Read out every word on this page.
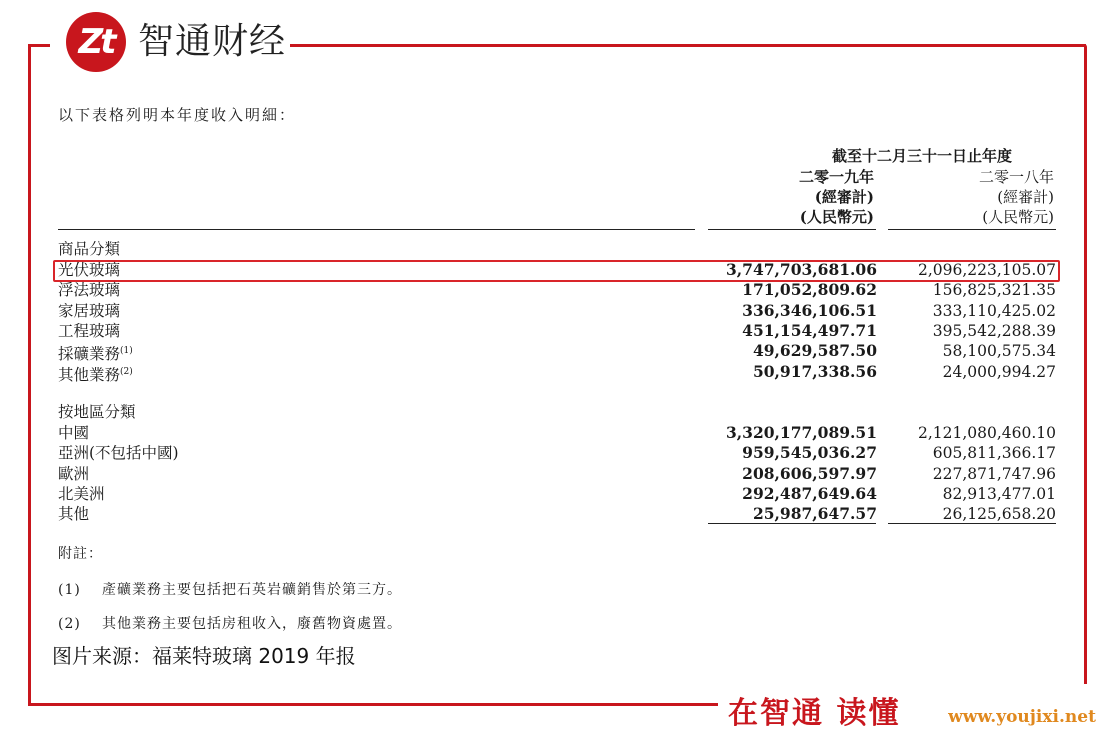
Zt 智通财经
以下表格列明本年度收入明細：
截至十二月三十一日止年度
二零一九年
(經審計)
(人民幣元)
二零一八年
(經審計)
(人民幣元)
商品分類
光伏玻璃	3,747,703,681.06	2,096,223,105.07
浮法玻璃	171,052,809.62	156,825,321.35
家居玻璃	336,346,106.51	333,110,425.02
工程玻璃	451,154,497.71	395,542,288.39
採礦業務$^{(1)}$	49,629,587.50	58,100,575.34
其他業務$^{(2)}$	50,917,338.56	24,000,994.27
按地區分類
中國	3,320,177,089.51	2,121,080,460.10
亞洲(不包括中國)	959,545,036.27	605,811,366.17
歐洲	208,606,597.97	227,871,747.96
北美洲	292,487,649.64	82,913,477.01
其他	25,987,647.57	26,125,658.20
附註：
(1) 產礦業務主要包括把石英岩礦銷售於第三方。
(2) 其他業務主要包括房租收入，廢舊物資處置。
图片来源：福莱特玻璃 2019 年报
在智通 读懂	www.youjixi.net
